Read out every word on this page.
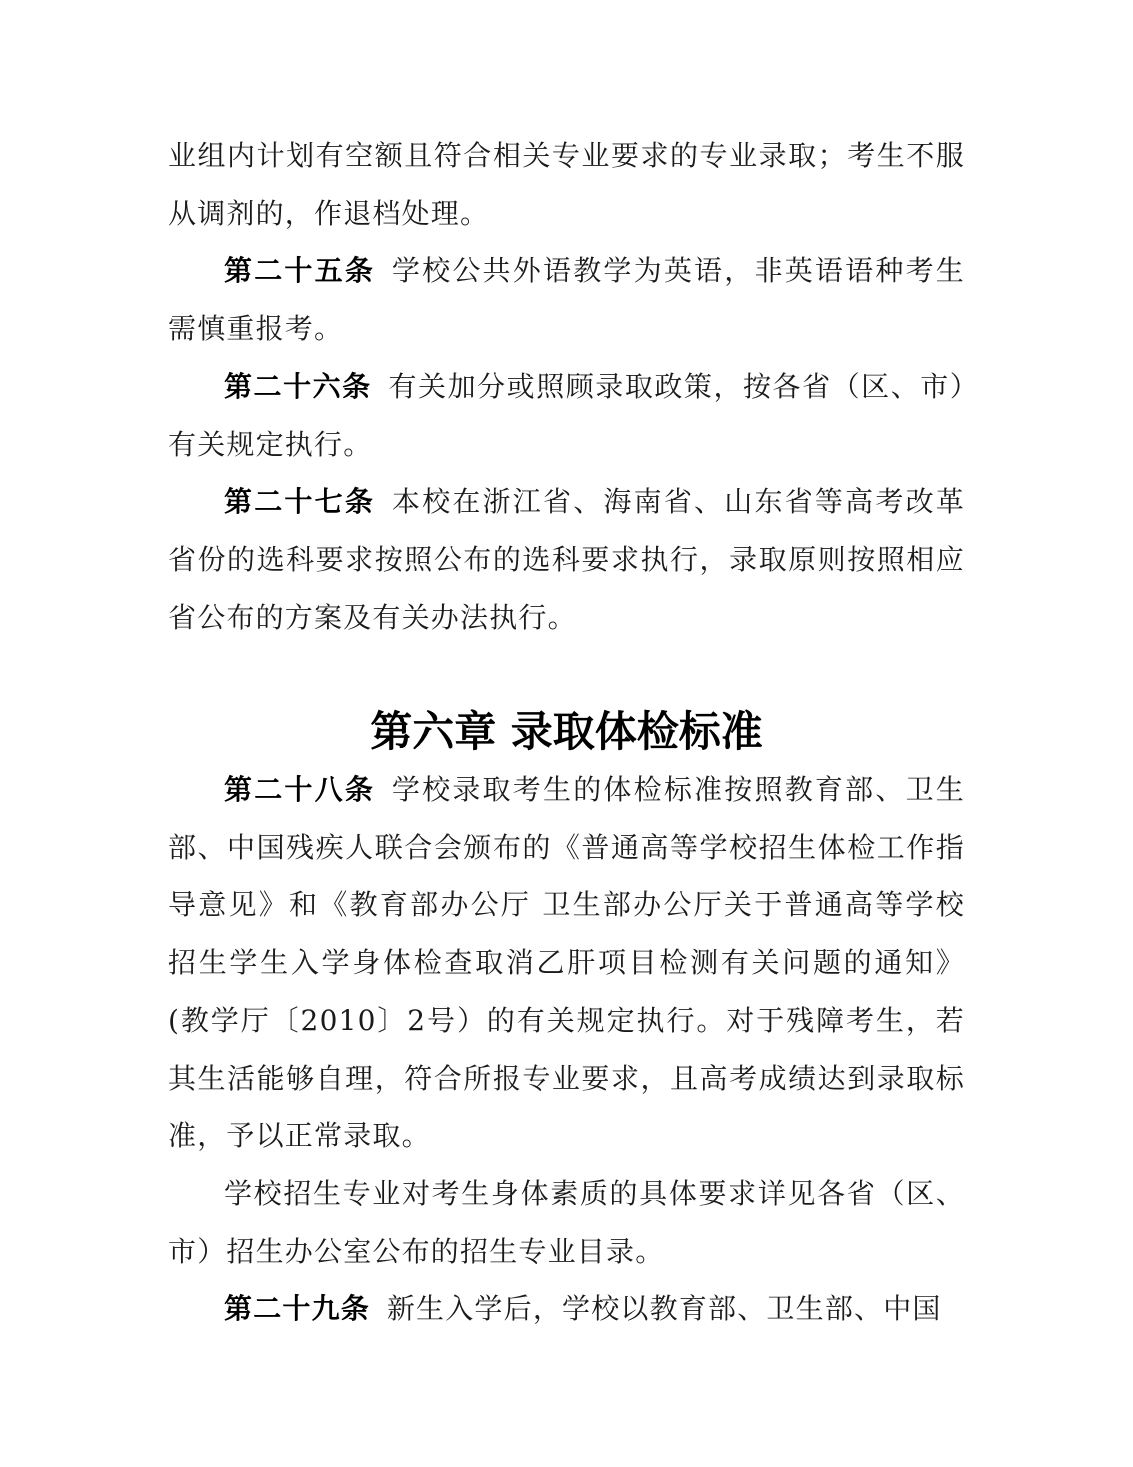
业组内计划有空额且符合相关专业要求的专业录取；考生不服从调剂的，作退档处理。

第二十五条 学校公共外语教学为英语，非英语语种考生需慎重报考。

第二十六条 有关加分或照顾录取政策，按各省（区、市）有关规定执行。

第二十七条 本校在浙江省、海南省、山东省等高考改革省份的选科要求按照公布的选科要求执行，录取原则按照相应省公布的方案及有关办法执行。

第六章 录取体检标准

第二十八条 学校录取考生的体检标准按照教育部、卫生部、中国残疾人联合会颁布的《普通高等学校招生体检工作指导意见》和《教育部办公厅 卫生部办公厅关于普通高等学校招生学生入学身体检查取消乙肝项目检测有关问题的通知》(教学厅〔2010〕2号）的有关规定执行。对于残障考生，若其生活能够自理，符合所报专业要求，且高考成绩达到录取标准，予以正常录取。

学校招生专业对考生身体素质的具体要求详见各省（区、市）招生办公室公布的招生专业目录。

第二十九条 新生入学后，学校以教育部、卫生部、中国
